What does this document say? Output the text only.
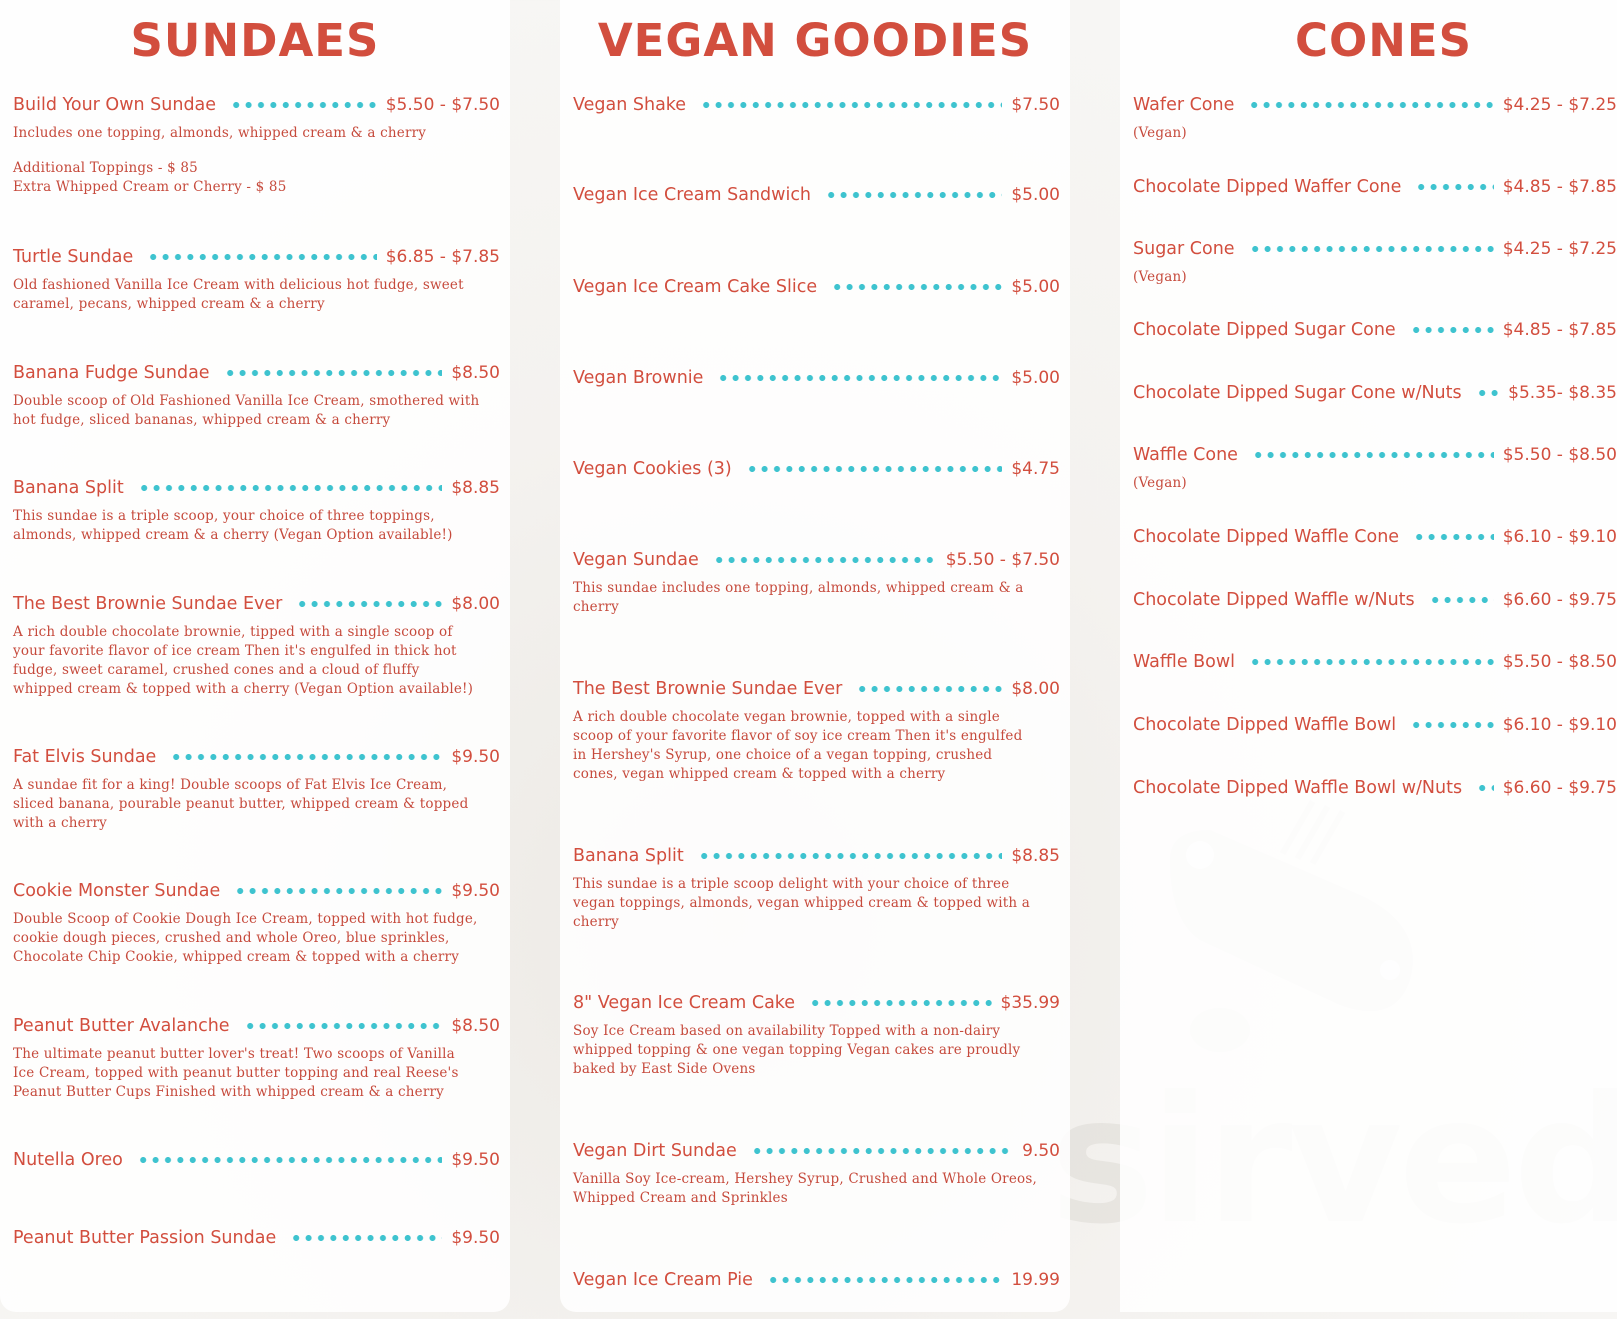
SUNDAES
Build Your Own Sundae	$5.50 - $7.50
Includes one topping, almonds, whipped cream & a cherry
Additional Toppings - $ 85
Extra Whipped Cream or Cherry - $ 85
Turtle Sundae	$6.85 - $7.85
Old fashioned Vanilla Ice Cream with delicious hot fudge, sweet
caramel, pecans, whipped cream & a cherry
Banana Fudge Sundae	$8.50
Double scoop of Old Fashioned Vanilla Ice Cream, smothered with
hot fudge, sliced bananas, whipped cream & a cherry
Banana Split	$8.85
This sundae is a triple scoop, your choice of three toppings,
almonds, whipped cream & a cherry (Vegan Option available!)
The Best Brownie Sundae Ever	$8.00
A rich double chocolate brownie, tipped with a single scoop of
your favorite flavor of ice cream Then it's engulfed in thick hot
fudge, sweet caramel, crushed cones and a cloud of fluffy
whipped cream & topped with a cherry (Vegan Option available!)
Fat Elvis Sundae	$9.50
A sundae fit for a king! Double scoops of Fat Elvis Ice Cream,
sliced banana, pourable peanut butter, whipped cream & topped
with a cherry
Cookie Monster Sundae	$9.50
Double Scoop of Cookie Dough Ice Cream, topped with hot fudge,
cookie dough pieces, crushed and whole Oreo, blue sprinkles,
Chocolate Chip Cookie, whipped cream & topped with a cherry
Peanut Butter Avalanche	$8.50
The ultimate peanut butter lover's treat! Two scoops of Vanilla
Ice Cream, topped with peanut butter topping and real Reese's
Peanut Butter Cups Finished with whipped cream & a cherry
Nutella Oreo	$9.50
Peanut Butter Passion Sundae	$9.50
VEGAN GOODIES
Vegan Shake	$7.50
Vegan Ice Cream Sandwich	$5.00
Vegan Ice Cream Cake Slice	$5.00
Vegan Brownie	$5.00
Vegan Cookies (3)	$4.75
Vegan Sundae	$5.50 - $7.50
This sundae includes one topping, almonds, whipped cream & a
cherry
The Best Brownie Sundae Ever	$8.00
A rich double chocolate vegan brownie, topped with a single
scoop of your favorite flavor of soy ice cream Then it's engulfed
in Hershey's Syrup, one choice of a vegan topping, crushed
cones, vegan whipped cream & topped with a cherry
Banana Split	$8.85
This sundae is a triple scoop delight with your choice of three
vegan toppings, almonds, vegan whipped cream & topped with a
cherry
8" Vegan Ice Cream Cake	$35.99
Soy Ice Cream based on availability Topped with a non-dairy
whipped topping & one vegan topping Vegan cakes are proudly
baked by East Side Ovens
Vegan Dirt Sundae	9.50
Vanilla Soy Ice-cream, Hershey Syrup, Crushed and Whole Oreos,
Whipped Cream and Sprinkles
Vegan Ice Cream Pie	19.99
CONES
Wafer Cone	$4.25 - $7.25
(Vegan)
Chocolate Dipped Waffer Cone	$4.85 - $7.85
Sugar Cone	$4.25 - $7.25
(Vegan)
Chocolate Dipped Sugar Cone	$4.85 - $7.85
Chocolate Dipped Sugar Cone w/Nuts	$5.35- $8.35
Waffle Cone	$5.50 - $8.50
(Vegan)
Chocolate Dipped Waffle Cone	$6.10 - $9.10
Chocolate Dipped Waffle w/Nuts	$6.60 - $9.75
Waffle Bowl	$5.50 - $8.50
Chocolate Dipped Waffle Bowl	$6.10 - $9.10
Chocolate Dipped Waffle Bowl w/Nuts $6.60 - $9.75
